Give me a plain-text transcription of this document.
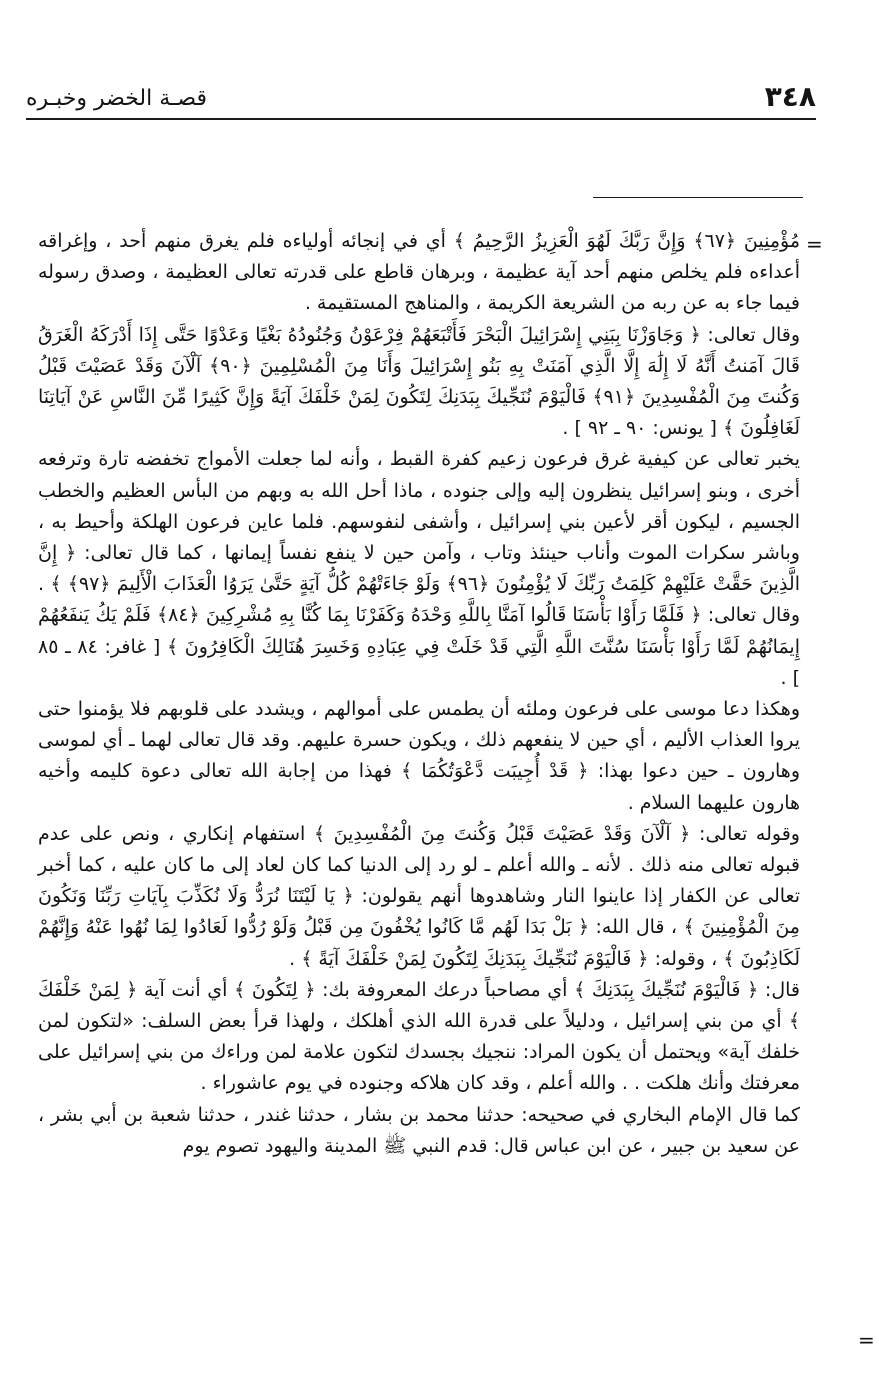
٣٤٨
قصـة الخضر وخبـره
=

مُؤْمِنِينَ ﴿٦٧﴾ وَإِنَّ رَبَّكَ لَهُوَ الْعَزِيزُ الرَّحِيمُ ﴾ أي في إنجائه أولياءه فلم يغرق منهم أحد ، وإغراقه أعداءه فلم يخلص منهم أحد آية عظيمة ، وبرهان قاطع على قدرته تعالى العظيمة ، وصدق رسوله فيما جاء به عن ربه من الشريعة الكريمة ، والمناهج المستقيمة .

وقال تعالى: ﴿ وَجَاوَزْنَا بِبَنِي إِسْرَائِيلَ الْبَحْرَ فَأَتْبَعَهُمْ فِرْعَوْنُ وَجُنُودُهُ بَغْيًا وَعَدْوًا حَتَّى إِذَا أَدْرَكَهُ الْغَرَقُ قَالَ آمَنتُ أَنَّهُ لَا إِلَٰهَ إِلَّا الَّذِي آمَنَتْ بِهِ بَنُو إِسْرَائِيلَ وَأَنَا مِنَ الْمُسْلِمِينَ ﴿٩٠﴾ آلْآنَ وَقَدْ عَصَيْتَ قَبْلُ وَكُنتَ مِنَ الْمُفْسِدِينَ ﴿٩١﴾ فَالْيَوْمَ نُنَجِّيكَ بِبَدَنِكَ لِتَكُونَ لِمَنْ خَلْفَكَ آيَةً وَإِنَّ كَثِيرًا مِّنَ النَّاسِ عَنْ آيَاتِنَا لَغَافِلُونَ ﴾ [ يونس: ٩٠ ـ ٩٢ ] .

يخبر تعالى عن كيفية غرق فرعون زعيم كفرة القبط ، وأنه لما جعلت الأمواج تخفضه تارة وترفعه أخرى ، وبنو إسرائيل ينظرون إليه وإلى جنوده ، ماذا أحل الله به وبهم من البأس العظيم والخطب الجسيم ، ليكون أقر لأعين بني إسرائيل ، وأشفى لنفوسهم. فلما عاين فرعون الهلكة وأحيط به ، وباشر سكرات الموت وأناب حينئذ وتاب ، وآمن حين لا ينفع نفساً إيمانها ، كما قال تعالى: ﴿ إِنَّ الَّذِينَ حَقَّتْ عَلَيْهِمْ كَلِمَتُ رَبِّكَ لَا يُؤْمِنُونَ ﴿٩٦﴾ وَلَوْ جَاءَتْهُمْ كُلُّ آيَةٍ حَتَّىٰ يَرَوُا الْعَذَابَ الْأَلِيمَ ﴿٩٧﴾ ﴾ . وقال تعالى: ﴿ فَلَمَّا رَأَوْا بَأْسَنَا قَالُوا آمَنَّا بِاللَّهِ وَحْدَهُ وَكَفَرْنَا بِمَا كُنَّا بِهِ مُشْرِكِينَ ﴿٨٤﴾ فَلَمْ يَكُ يَنفَعُهُمْ إِيمَانُهُمْ لَمَّا رَأَوْا بَأْسَنَا سُنَّتَ اللَّهِ الَّتِي قَدْ خَلَتْ فِي عِبَادِهِ وَخَسِرَ هُنَالِكَ الْكَافِرُونَ ﴾ [ غافر: ٨٤ ـ ٨٥ ] .

وهكذا دعا موسى على فرعون وملئه أن يطمس على أموالهم ، ويشدد على قلوبهم فلا يؤمنوا حتى يروا العذاب الأليم ، أي حين لا ينفعهم ذلك ، ويكون حسرة عليهم. وقد قال تعالى لهما ـ أي لموسى وهارون ـ حين دعوا بهذا: ﴿ قَدْ أُجِيبَت دَّعْوَتُكُمَا ﴾ فهذا من إجابة الله تعالى دعوة كليمه وأخيه هارون عليهما السلام .

وقوله تعالى: ﴿ آلْآنَ وَقَدْ عَصَيْتَ قَبْلُ وَكُنتَ مِنَ الْمُفْسِدِينَ ﴾ استفهام إنكاري ، ونص على عدم قبوله تعالى منه ذلك . لأنه ـ والله أعلم ـ لو رد إلى الدنيا كما كان لعاد إلى ما كان عليه ، كما أخبر تعالى عن الكفار إذا عاينوا النار وشاهدوها أنهم يقولون: ﴿ يَا لَيْتَنَا نُرَدُّ وَلَا نُكَذِّبَ بِآيَاتِ رَبِّنَا وَنَكُونَ مِنَ الْمُؤْمِنِينَ ﴾ ، قال الله: ﴿ بَلْ بَدَا لَهُم مَّا كَانُوا يُخْفُونَ مِن قَبْلُ وَلَوْ رُدُّوا لَعَادُوا لِمَا نُهُوا عَنْهُ وَإِنَّهُمْ لَكَاذِبُونَ ﴾ ، وقوله: ﴿ فَالْيَوْمَ نُنَجِّيكَ بِبَدَنِكَ لِتَكُونَ لِمَنْ خَلْفَكَ آيَةً ﴾ .

قال: ﴿ فَالْيَوْمَ نُنَجِّيكَ بِبَدَنِكَ ﴾ أي مصاحباً درعك المعروفة بك: ﴿ لِتَكُونَ ﴾ أي أنت آية ﴿ لِمَنْ خَلْفَكَ ﴾ أي من بني إسرائيل ، ودليلاً على قدرة الله الذي أهلكك ، ولهذا قرأ بعض السلف: «لتكون لمن خلفك آية» ويحتمل أن يكون المراد: ننجيك بجسدك لتكون علامة لمن وراءك من بني إسرائيل على معرفتك وأنك هلكت . . والله أعلم ، وقد كان هلاكه وجنوده في يوم عاشوراء .

كما قال الإمام البخاري في صحيحه: حدثنا محمد بن بشار ، حدثنا غندر ، حدثنا شعبة بن أبي بشر ، عن سعيد بن جبير ، عن ابن عباس قال: قدم النبي ﷺ المدينة واليهود تصوم يوم

=
